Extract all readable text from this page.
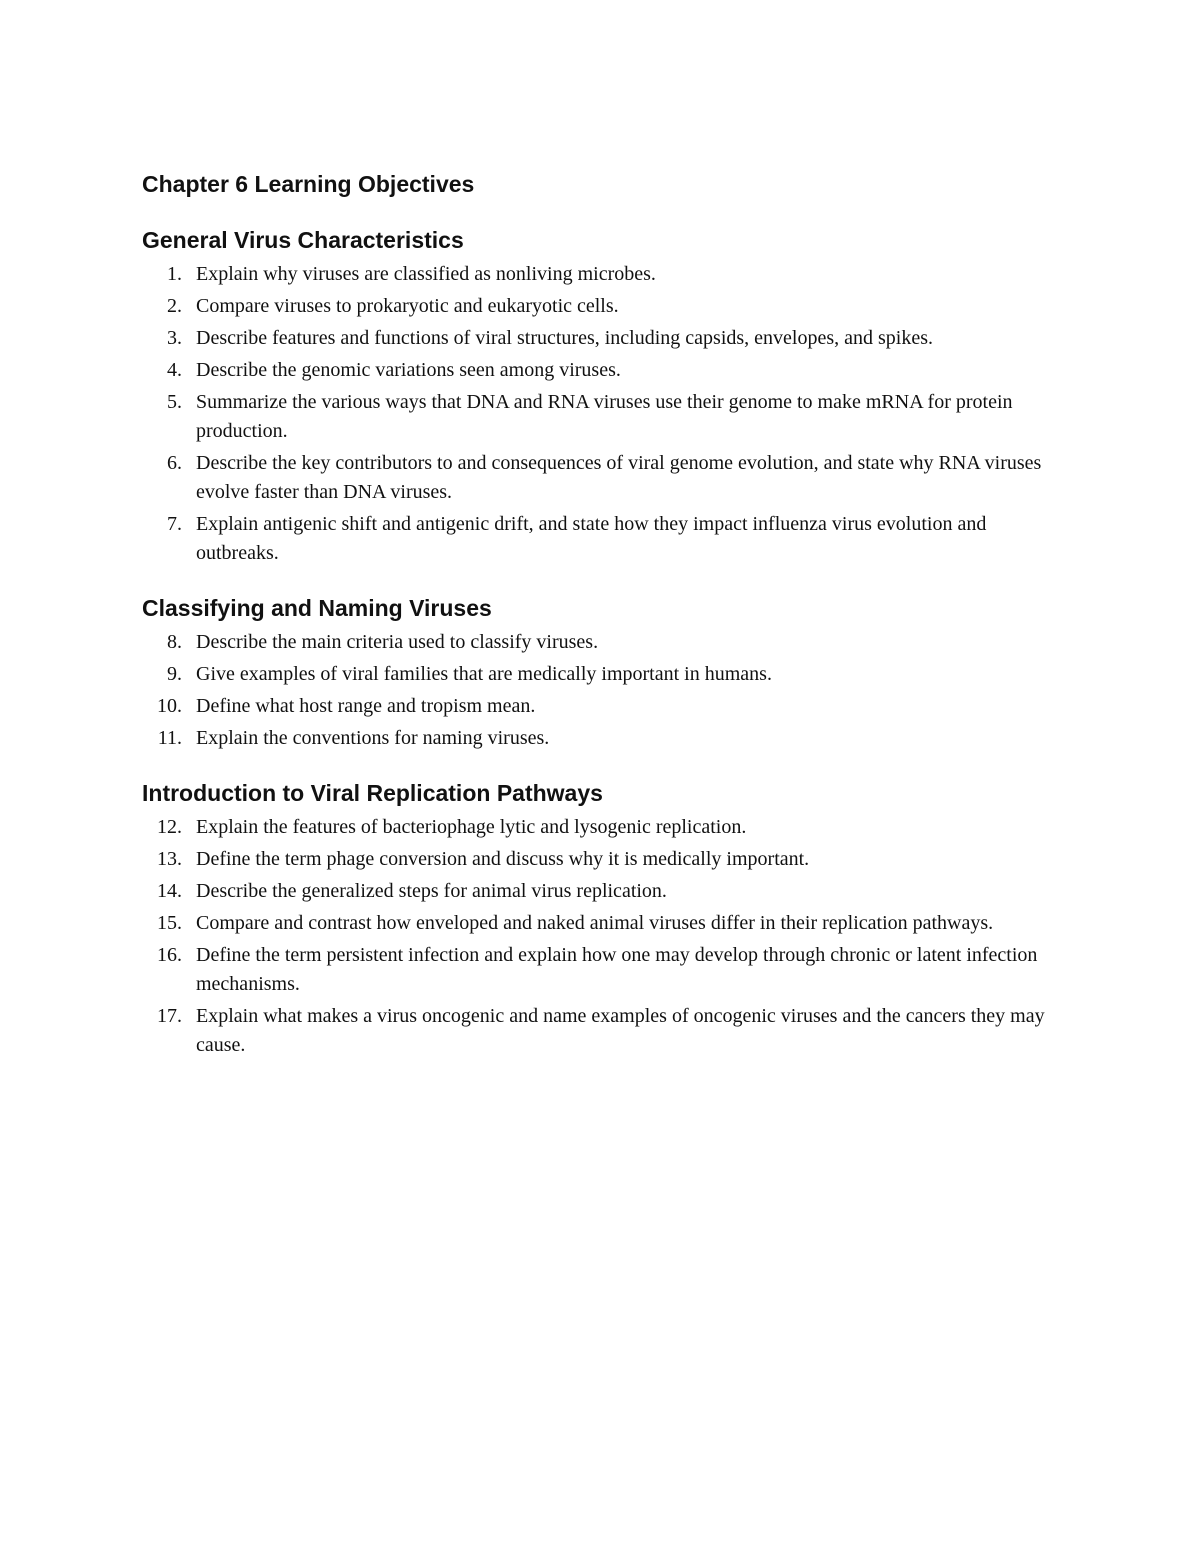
Chapter 6 Learning Objectives
General Virus Characteristics
1. Explain why viruses are classified as nonliving microbes.
2. Compare viruses to prokaryotic and eukaryotic cells.
3. Describe features and functions of viral structures, including capsids, envelopes, and spikes.
4. Describe the genomic variations seen among viruses.
5. Summarize the various ways that DNA and RNA viruses use their genome to make mRNA for protein production.
6. Describe the key contributors to and consequences of viral genome evolution, and state why RNA viruses evolve faster than DNA viruses.
7. Explain antigenic shift and antigenic drift, and state how they impact influenza virus evolution and outbreaks.
Classifying and Naming Viruses
8. Describe the main criteria used to classify viruses.
9. Give examples of viral families that are medically important in humans.
10. Define what host range and tropism mean.
11. Explain the conventions for naming viruses.
Introduction to Viral Replication Pathways
12. Explain the features of bacteriophage lytic and lysogenic replication.
13. Define the term phage conversion and discuss why it is medically important.
14. Describe the generalized steps for animal virus replication.
15. Compare and contrast how enveloped and naked animal viruses differ in their replication pathways.
16. Define the term persistent infection and explain how one may develop through chronic or latent infection mechanisms.
17. Explain what makes a virus oncogenic and name examples of oncogenic viruses and the cancers they may cause.
